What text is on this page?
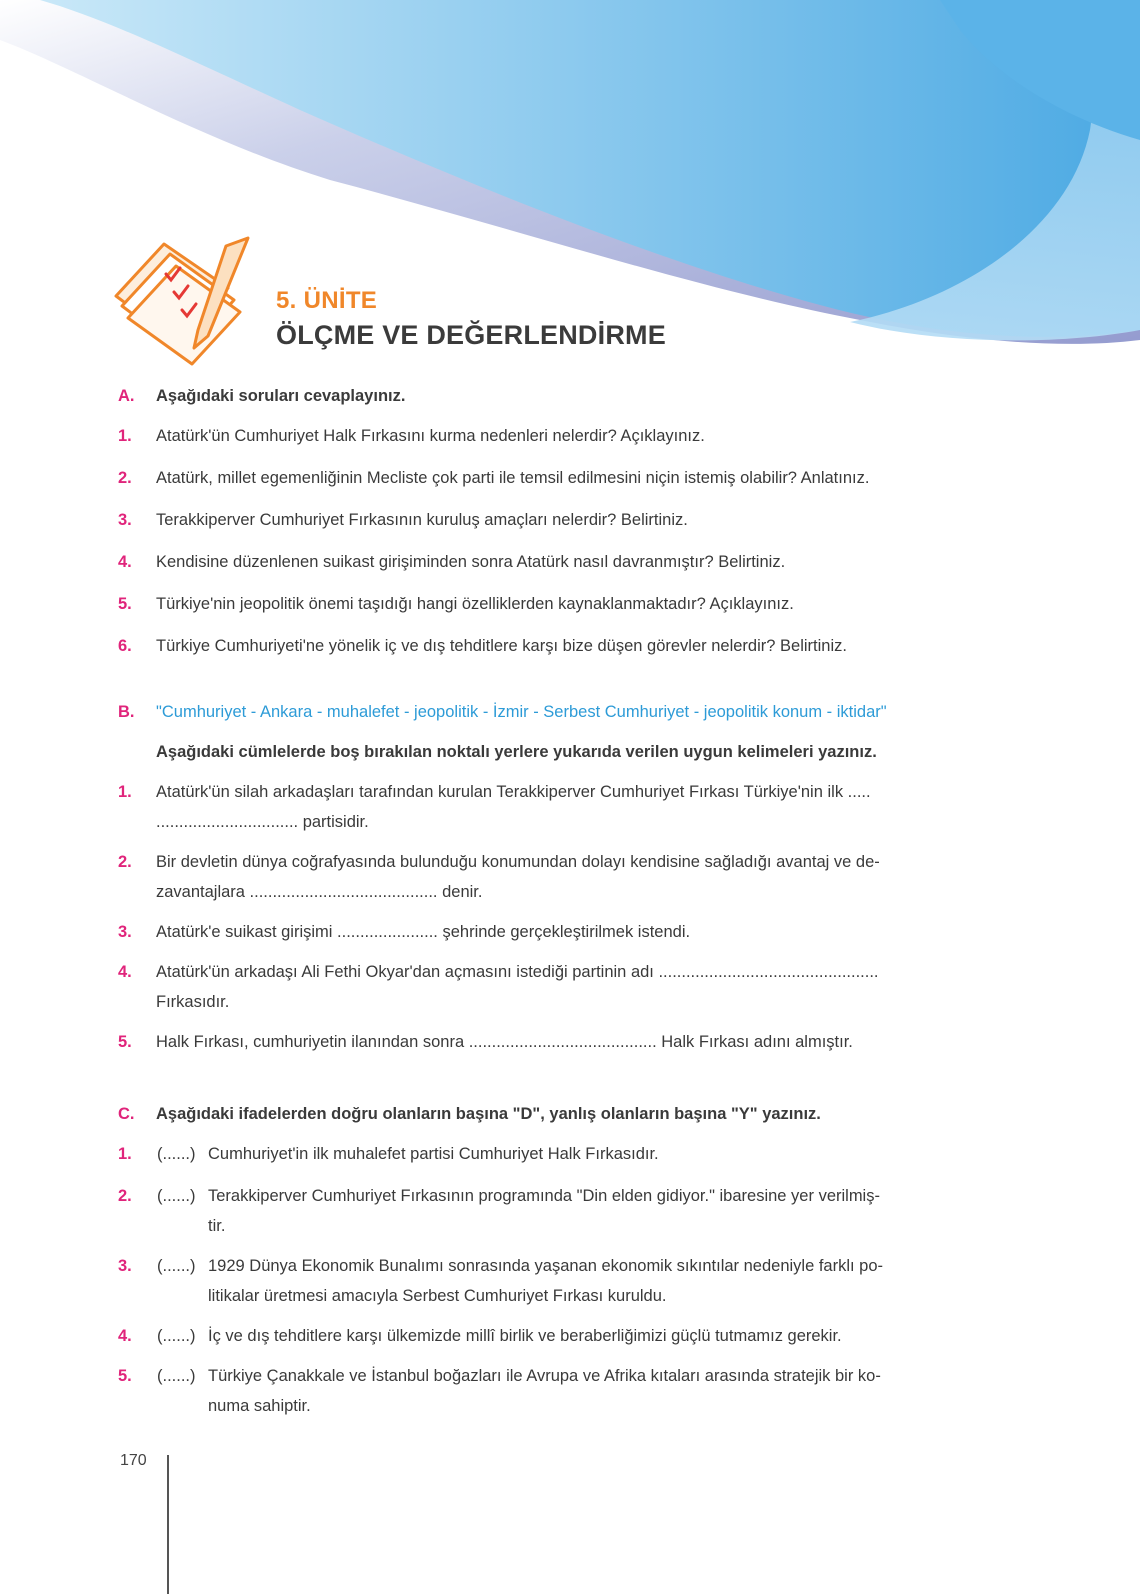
5. ÜNİTE
ÖLÇME VE DEĞERLENDİRME
A. Aşağıdaki soruları cevaplayınız.
1. Atatürk'ün Cumhuriyet Halk Fırkasını kurma nedenleri nelerdir? Açıklayınız.
2. Atatürk, millet egemenliğinin Mecliste çok parti ile temsil edilmesini niçin istemiş olabilir? Anlatınız.
3. Terakkiperver Cumhuriyet Fırkasının kuruluş amaçları nelerdir? Belirtiniz.
4. Kendisine düzenlenen suikast girişiminden sonra Atatürk nasıl davranmıştır? Belirtiniz.
5. Türkiye'nin jeopolitik önemi taşıdığı hangi özelliklerden kaynaklanmaktadır? Açıklayınız.
6. Türkiye Cumhuriyeti'ne yönelik iç ve dış tehditlere karşı bize düşen görevler nelerdir? Belirtiniz.
B. "Cumhuriyet - Ankara - muhalefet - jeopolitik - İzmir - Serbest Cumhuriyet - jeopolitik konum - iktidar"
Aşağıdaki cümlelerde boş bırakılan noktalı yerlere yukarıda verilen uygun kelimeleri yazınız.
1. Atatürk'ün silah arkadaşları tarafından kurulan Terakkiperver Cumhuriyet Fırkası Türkiye'nin ilk .....
............................... partisidir.
2. Bir devletin dünya coğrafyasında bulunduğu konumundan dolayı kendisine sağladığı avantaj ve de-
zavantajlara ......................................... denir.
3. Atatürk'e suikast girişimi ...................... şehrinde gerçekleştirilmek istendi.
4. Atatürk'ün arkadaşı Ali Fethi Okyar'dan açmasını istediği partinin adı ................................................
Fırkasıdır.
5. Halk Fırkası, cumhuriyetin ilanından sonra ......................................... Halk Fırkası adını almıştır.
C. Aşağıdaki ifadelerden doğru olanların başına "D", yanlış olanların başına "Y" yazınız.
1. (......) Cumhuriyet'in ilk muhalefet partisi Cumhuriyet Halk Fırkasıdır.
2. (......) Terakkiperver Cumhuriyet Fırkasının programında "Din elden gidiyor." ibaresine yer verilmiş-
tir.
3. (......) 1929 Dünya Ekonomik Bunalımı sonrasında yaşanan ekonomik sıkıntılar nedeniyle farklı po-
litikalar üretmesi amacıyla Serbest Cumhuriyet Fırkası kuruldu.
4. (......) İç ve dış tehditlere karşı ülkemizde millî birlik ve beraberliğimizi güçlü tutmamız gerekir.
5. (......) Türkiye Çanakkale ve İstanbul boğazları ile Avrupa ve Afrika kıtaları arasında stratejik bir ko-
numa sahiptir.
170
